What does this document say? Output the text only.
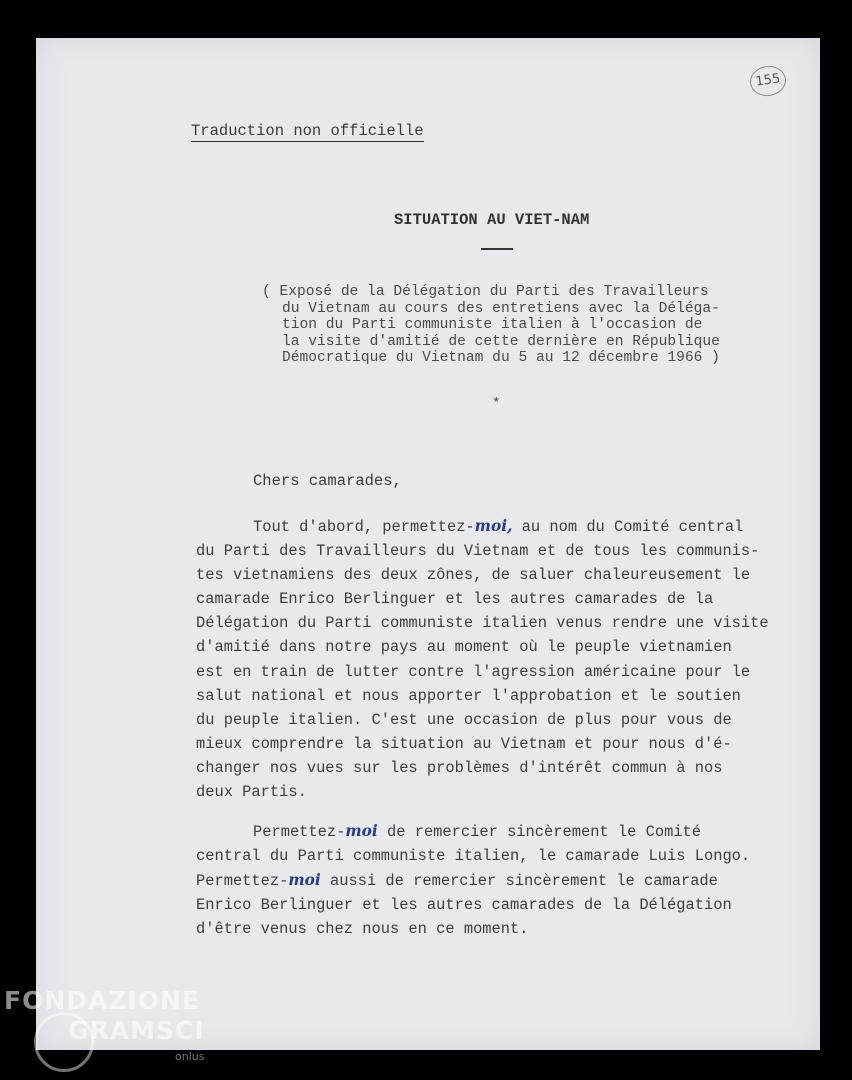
155
Traduction non officielle
SITUATION AU VIET-NAM
( Exposé de la Délégation du Parti des Travailleurs
du Vietnam au cours des entretiens avec la Déléga-
tion du Parti communiste italien à l'occasion de
la visite d'amitié de cette dernière en République
Démocratique du Vietnam du 5 au 12 décembre 1966 )
*
Chers camarades,
Tout d'abord, permettez-moi, au nom du Comité central
du Parti des Travailleurs du Vietnam et de tous les communis-
tes vietnamiens des deux zônes, de saluer chaleureusement le
camarade Enrico Berlinguer et les autres camarades de la
Délégation du Parti communiste italien venus rendre une visite
d'amitié dans notre pays au moment où le peuple vietnamien
est en train de lutter contre l'agression américaine pour le
salut national et nous apporter l'approbation et le soutien
du peuple italien. C'est une occasion de plus pour vous de
mieux comprendre la situation au Vietnam et pour nous d'é-
changer nos vues sur les problèmes d'intérêt commun à nos
deux Partis.
Permettez-moi de remercier sincèrement le Comité
central du Parti communiste italien, le camarade Luis Longo.
Permettez-moi aussi de remercier sincèrement le camarade
Enrico Berlinguer et les autres camarades de la Délégation
d'être venus chez nous en ce moment.
FONDAZIONE
GRAMSCI
onlus
